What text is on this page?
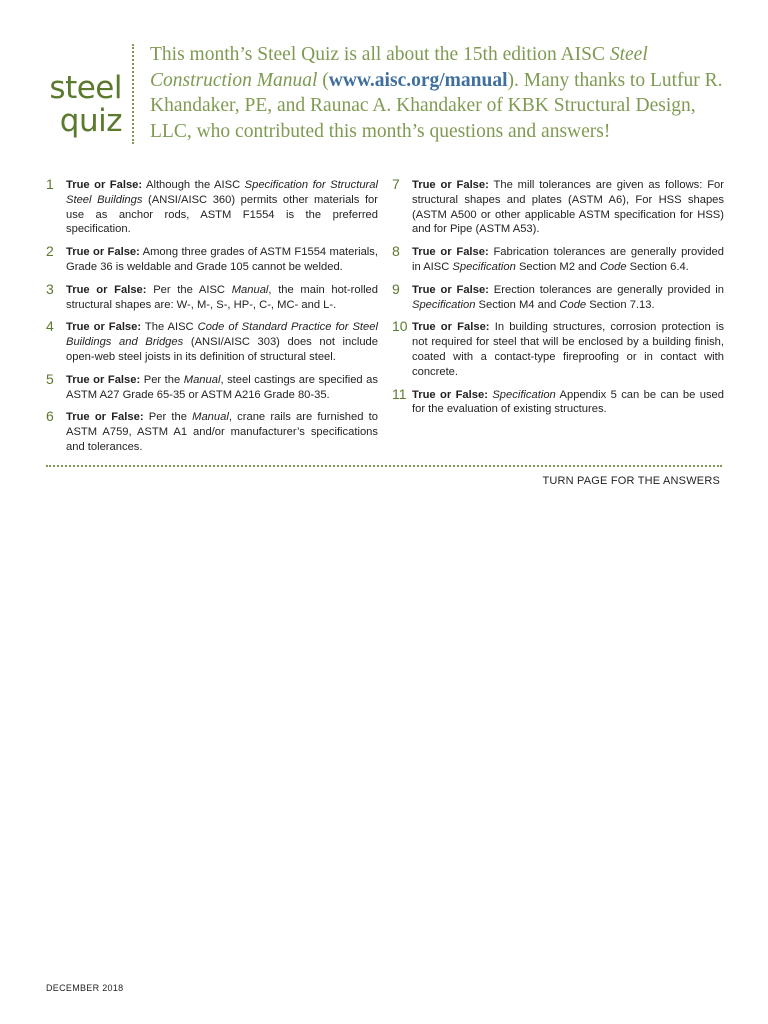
steel
quiz
This month’s Steel Quiz is all about the 15th edition AISC Steel Construction Manual (www.aisc.org/manual). Many thanks to Lutfur R. Khandaker, PE, and Raunac A. Khandaker of KBK Structural Design, LLC, who contributed this month’s questions and answers!
1	True or False: Although the AISC Specification for Structural Steel Buildings (ANSI/AISC 360) permits other materials for use as anchor rods, ASTM F1554 is the preferred specification.
2	True or False: Among three grades of ASTM F1554 materials, Grade 36 is weldable and Grade 105 cannot be welded.
3	True or False: Per the AISC Manual, the main hot-rolled structural shapes are: W-, M-, S-, HP-, C-, MC- and L-.
4	True or False: The AISC Code of Standard Practice for Steel Buildings and Bridges (ANSI/AISC 303) does not include open-web steel joists in its definition of structural steel.
5	True or False: Per the Manual, steel castings are specified as ASTM A27 Grade 65-35 or ASTM A216 Grade 80-35.
6	True or False: Per the Manual, crane rails are furnished to ASTM A759, ASTM A1 and/or manufacturer’s specifications and tolerances.
7	True or False: The mill tolerances are given as follows: For structural shapes and plates (ASTM A6), For HSS shapes (ASTM A500 or other applicable ASTM specification for HSS) and for Pipe (ASTM A53).
8	True or False: Fabrication tolerances are generally provided in AISC Specification Section M2 and Code Section 6.4.
9	True or False: Erection tolerances are generally provided in Specification Section M4 and Code Section 7.13.
10 True or False: In building structures, corrosion protection is not required for steel that will be enclosed by a building finish, coated with a contact-type fireproofing or in contact with concrete.
11 True or False: Specification Appendix 5 can be can be used for the evaluation of existing structures.
TURN PAGE FOR THE ANSWERS
DECEMBER 2018
